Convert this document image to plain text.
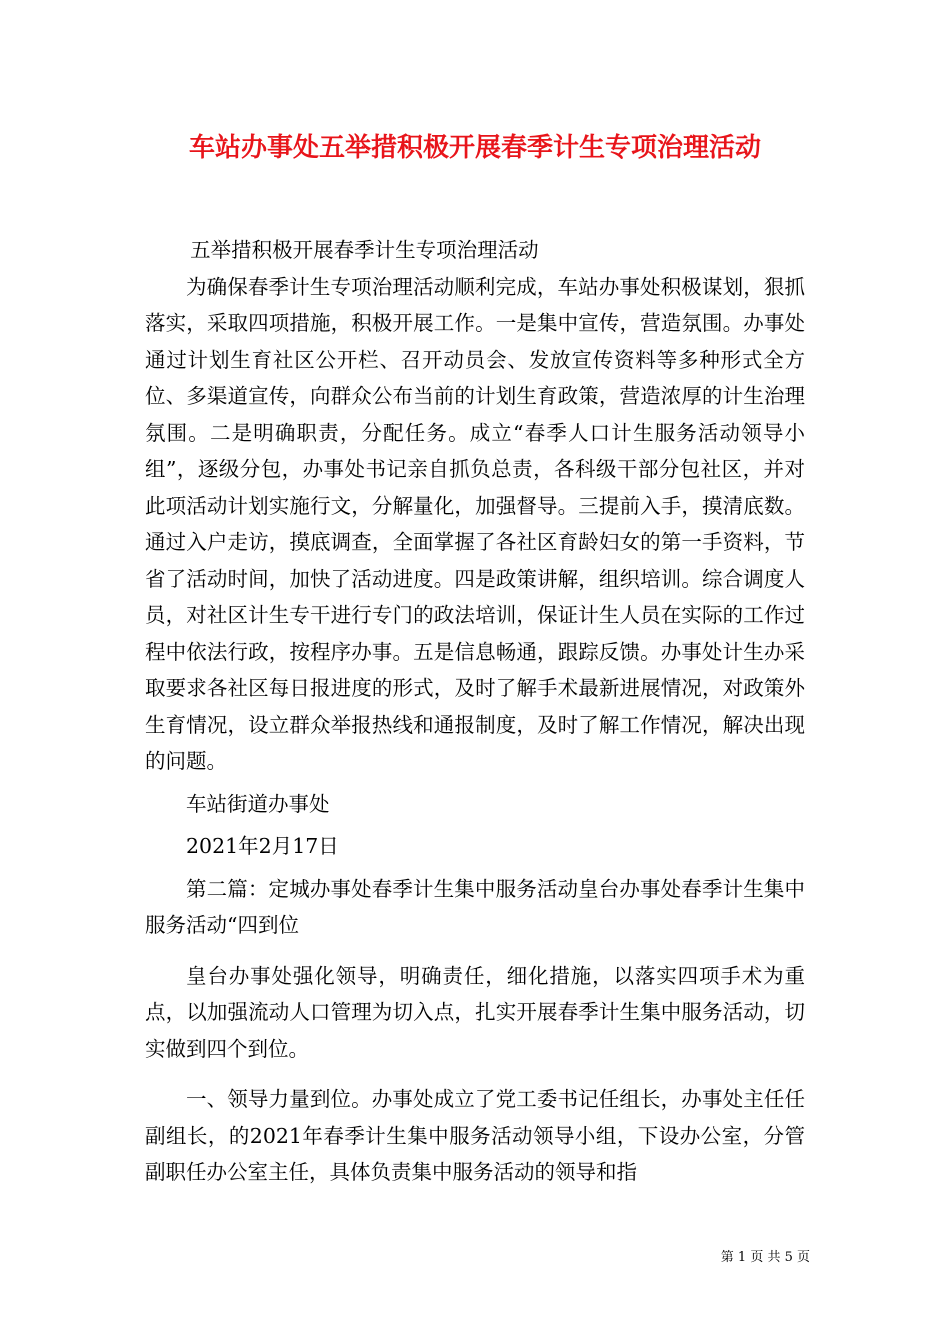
车站办事处五举措积极开展春季计生专项治理活动

五举措积极开展春季计生专项治理活动

为确保春季计生专项治理活动顺利完成，车站办事处积极谋划，狠抓落实，采取四项措施，积极开展工作。一是集中宣传，营造氛围。办事处通过计划生育社区公开栏、召开动员会、发放宣传资料等多种形式全方位、多渠道宣传，向群众公布当前的计划生育政策，营造浓厚的计生治理氛围。二是明确职责，分配任务。成立“春季人口计生服务活动领导小组”，逐级分包，办事处书记亲自抓负总责，各科级干部分包社区，并对此项活动计划实施行文，分解量化，加强督导。三提前入手，摸清底数。通过入户走访，摸底调查，全面掌握了各社区育龄妇女的第一手资料，节省了活动时间，加快了活动进度。四是政策讲解，组织培训。综合调度人员，对社区计生专干进行专门的政法培训，保证计生人员在实际的工作过程中依法行政，按程序办事。五是信息畅通，跟踪反馈。办事处计生办采取要求各社区每日报进度的形式，及时了解手术最新进展情况，对政策外生育情况，设立群众举报热线和通报制度，及时了解工作情况，解决出现的问题。

车站街道办事处

2021年2月17日

第二篇：定城办事处春季计生集中服务活动皇台办事处春季计生集中服务活动“四到位

皇台办事处强化领导，明确责任，细化措施，以落实四项手术为重点，以加强流动人口管理为切入点，扎实开展春季计生集中服务活动，切实做到四个到位。

一、领导力量到位。办事处成立了党工委书记任组长，办事处主任任副组长，的2021年春季计生集中服务活动领导小组，下设办公室，分管副职任办公室主任，具体负责集中服务活动的领导和指

第 1 页 共 5 页
